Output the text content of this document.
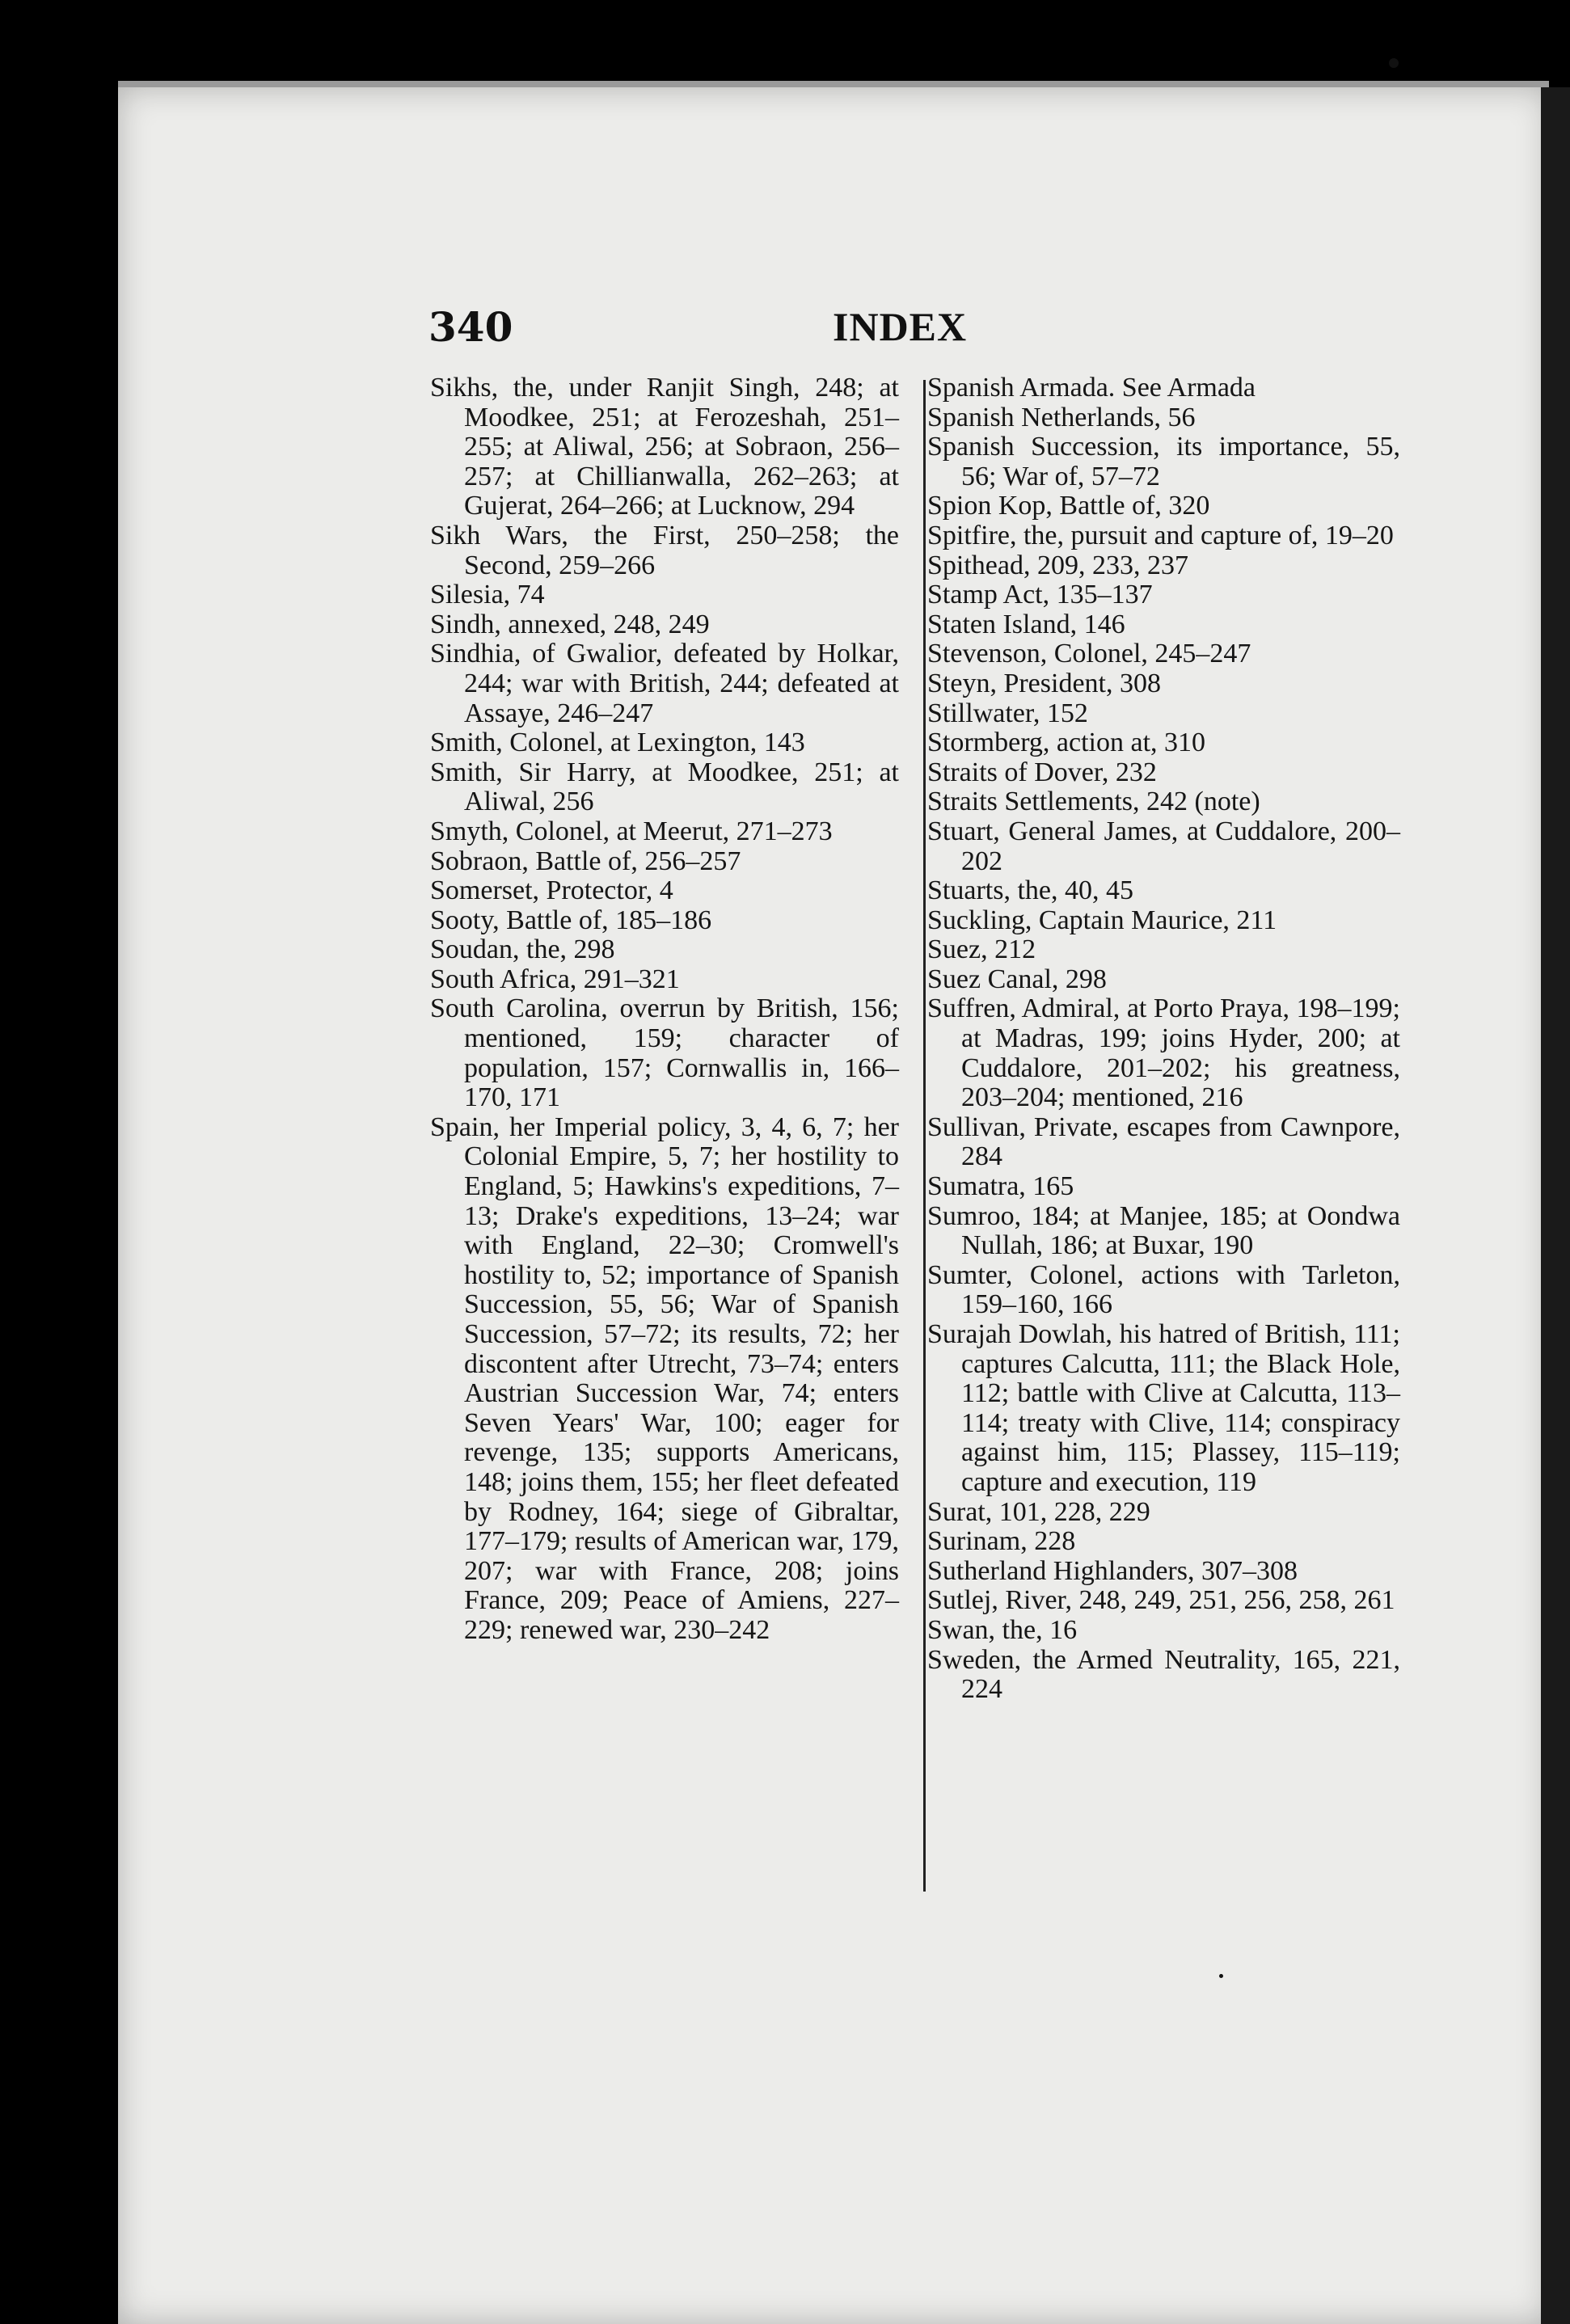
340	INDEX

Sikhs, the, under Ranjit Singh, 248; at Moodkee, 251; at Ferozeshah, 251–255; at Aliwal, 256; at Sobraon, 256–257; at Chillianwalla, 262–263; at Gujerat, 264–266; at Lucknow, 294

Sikh Wars, the First, 250–258; the Second, 259–266

Silesia, 74

Sindh, annexed, 248, 249

Sindhia, of Gwalior, defeated by Holkar, 244; war with British, 244; defeated at Assaye, 246–247

Smith, Colonel, at Lexington, 143

Smith, Sir Harry, at Moodkee, 251; at Aliwal, 256

Smyth, Colonel, at Meerut, 271–273

Sobraon, Battle of, 256–257

Somerset, Protector, 4

Sooty, Battle of, 185–186

Soudan, the, 298

South Africa, 291–321

South Carolina, overrun by British, 156; mentioned, 159; character of population, 157; Cornwallis in, 166–170, 171

Spain, her Imperial policy, 3, 4, 6, 7; her Colonial Empire, 5, 7; her hostility to England, 5; Hawkins's expeditions, 7–13; Drake's expeditions, 13–24; war with England, 22–30; Cromwell's hostility to, 52; importance of Spanish Succession, 55, 56; War of Spanish Succession, 57–72; its results, 72; her discontent after Utrecht, 73–74; enters Austrian Succession War, 74; enters Seven Years' War, 100; eager for revenge, 135; supports Americans, 148; joins them, 155; her fleet defeated by Rodney, 164; siege of Gibraltar, 177–179; results of American war, 179, 207; war with France, 208; joins France, 209; Peace of Amiens, 227–229; renewed war, 230–242

Spanish Armada. See Armada

Spanish Netherlands, 56

Spanish Succession, its importance, 55, 56; War of, 57–72

Spion Kop, Battle of, 320

Spitfire, the, pursuit and capture of, 19–20

Spithead, 209, 233, 237

Stamp Act, 135–137

Staten Island, 146

Stevenson, Colonel, 245–247

Steyn, President, 308

Stillwater, 152

Stormberg, action at, 310

Straits of Dover, 232

Straits Settlements, 242 (note)

Stuart, General James, at Cuddalore, 200–202

Stuarts, the, 40, 45

Suckling, Captain Maurice, 211

Suez, 212

Suez Canal, 298

Suffren, Admiral, at Porto Praya, 198–199; at Madras, 199; joins Hyder, 200; at Cuddalore, 201–202; his greatness, 203–204; mentioned, 216

Sullivan, Private, escapes from Cawnpore, 284

Sumatra, 165

Sumroo, 184; at Manjee, 185; at Oondwa Nullah, 186; at Buxar, 190

Sumter, Colonel, actions with Tarleton, 159–160, 166

Surajah Dowlah, his hatred of British, 111; captures Calcutta, 111; the Black Hole, 112; battle with Clive at Calcutta, 113–114; treaty with Clive, 114; conspiracy against him, 115; Plassey, 115–119; capture and execution, 119

Surat, 101, 228, 229

Surinam, 228

Sutherland Highlanders, 307–308

Sutlej, River, 248, 249, 251, 256, 258, 261

Swan, the, 16

Sweden, the Armed Neutrality, 165, 221, 224
